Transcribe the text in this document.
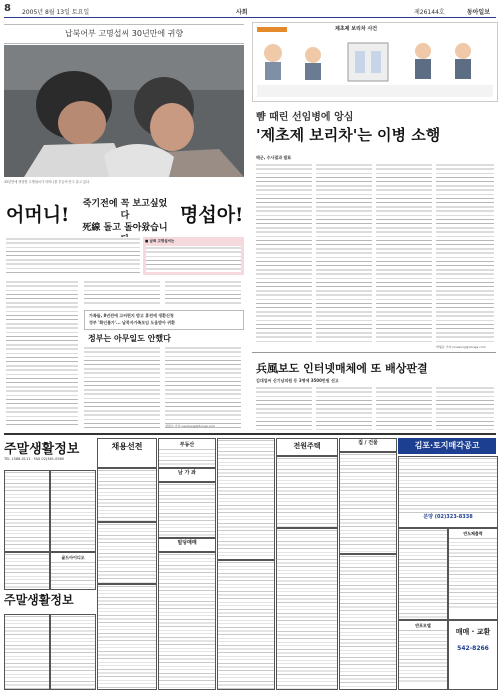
8 2005년 8월 13일 토요일	사회	제26144호	동아일보
납북어부 고명섭씨 30년만에 귀향
35년만에 귀향한 고명섭씨가 어머니를 부둥켜 안고 울고 있다.
어머니!	죽기전에 꼭 보고싶었다
死線 돌고 돌아왔습니
명섭아!
■ 납북 고명섭씨는
가족들, 8년전에 고씨편지 받고 휴전에 생환신청
정부 '확인불가'... 납북자가족모임 도움받아 귀환
정부는 아무일도 안했다
정원수 기자 needjung@donga.com
제초제 보리차 사건
뺨 때린 선임병에 앙심
'제초제 보리차'는 이병 소행
해군, 수사결과 발표
박형준 기자 lovesong@donga.com
兵風보도 인터넷매체에 또 배상판결
김대업씨 신기남의원 등 3명에 3500만원 선고
주말생활정보
TEL 1588-0111 · FAX 02)361-0560
골드아이디오
주말생활정보
채용선전	부동산
남 가 좌
빌딩매매
전원주택	집 / 건물	김포·토지매각공고
분양 (02)323-8338
반도체출력
반포모델
매매 · 교환
542-8266
